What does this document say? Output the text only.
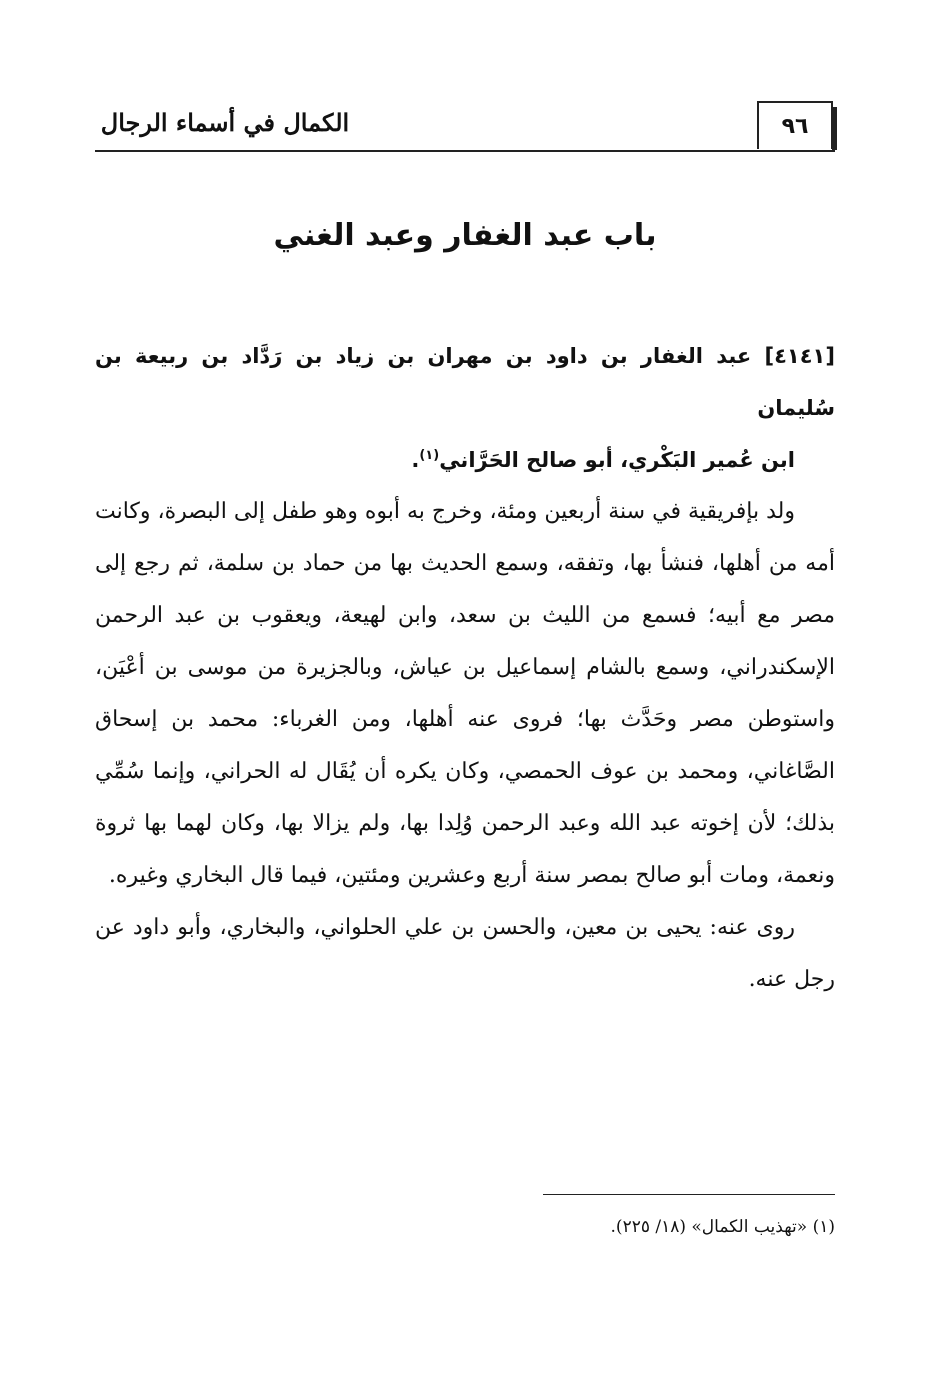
٩٦
الكمال في أسماء الرجال
باب عبد الغفار وعبد الغني

[٤١٤١] عبد الغفار بن داود بن مهران بن زياد بن رَدَّاد بن ربيعة بن سُليمان
ابن عُمير البَكْري، أبو صالح الحَرَّاني$^{(١)}$.

ولد بإفريقية في سنة أربعين ومئة، وخرج به أبوه وهو طفل إلى البصرة، وكانت أمه من أهلها، فنشأ بها، وتفقه، وسمع الحديث بها من حماد بن سلمة، ثم رجع إلى مصر مع أبيه؛ فسمع من الليث بن سعد، وابن لهيعة، ويعقوب بن عبد الرحمن الإسكندراني، وسمع بالشام إسماعيل بن عياش، وبالجزيرة من موسى بن أعْيَن، واستوطن مصر وحَدَّث بها؛ فروى عنه أهلها، ومن الغرباء: محمد بن إسحاق الصَّاغاني، ومحمد بن عوف الحمصي، وكان يكره أن يُقَال له الحراني، وإنما سُمِّي بذلك؛ لأن إخوته عبد الله وعبد الرحمن وُلِدا بها، ولم يزالا بها، وكان لهما بها ثروة ونعمة، ومات أبو صالح بمصر سنة أربع وعشرين ومئتين، فيما قال البخاري وغيره.

روى عنه: يحيى بن معين، والحسن بن علي الحلواني، والبخاري، وأبو داود عن رجل عنه.

(١) «تهذيب الكمال» (١٨/ ٢٢٥).
